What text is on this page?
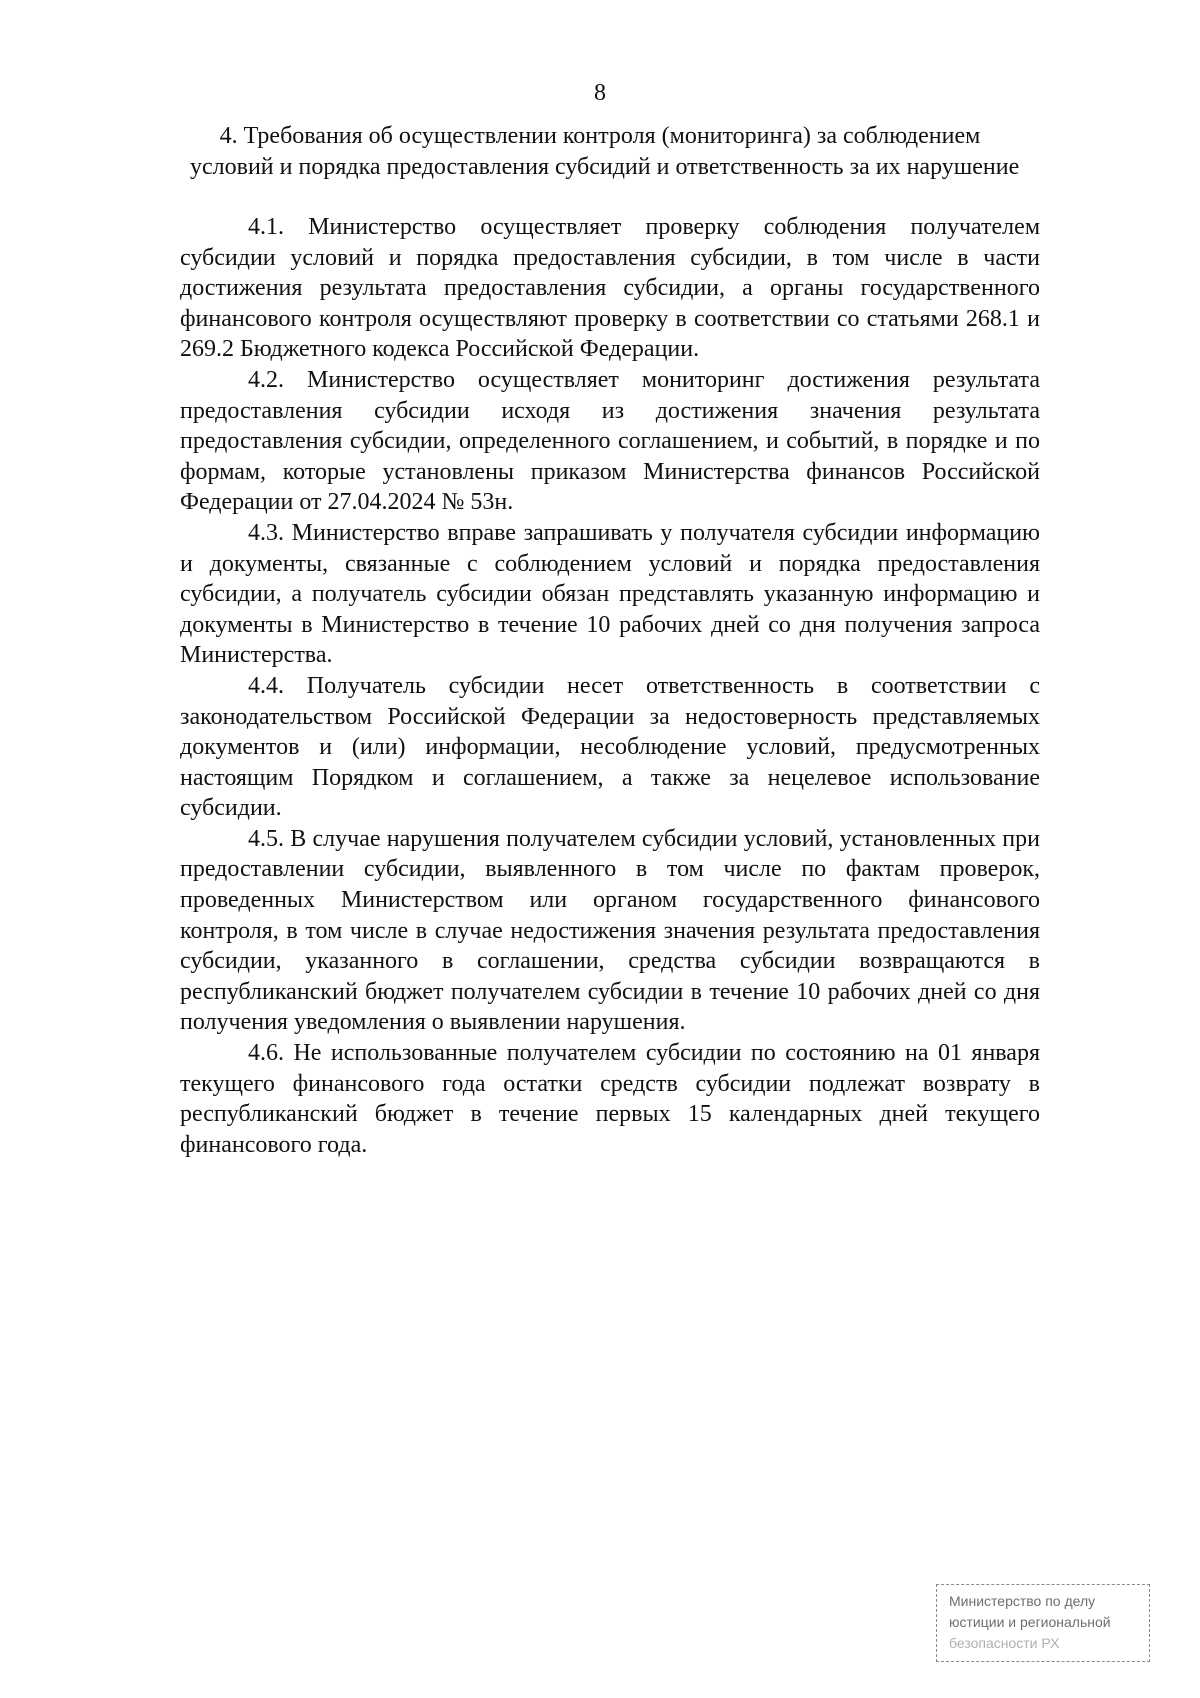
8
4. Требования об осуществлении контроля (мониторинга) за соблюдением
условий и порядка предоставления субсидий и ответственность за их нарушение

4.1. Министерство осуществляет проверку соблюдения получателем субсидии условий и порядка предоставления субсидии, в том числе в части достижения результата предоставления субсидии, а органы государственного финансового контроля осуществляют проверку в соответствии со статьями 268.1 и 269.2 Бюджетного кодекса Российской Федерации.

4.2. Министерство осуществляет мониторинг достижения результата предоставления субсидии исходя из достижения значения результата предоставления субсидии, определенного соглашением, и событий, в порядке и по формам, которые установлены приказом Министерства финансов Российской Федерации от 27.04.2024 № 53н.

4.3. Министерство вправе запрашивать у получателя субсидии информацию и документы, связанные с соблюдением условий и порядка предоставления субсидии, а получатель субсидии обязан представлять указанную информацию и документы в Министерство в течение 10 рабочих дней со дня получения запроса Министерства.

4.4. Получатель субсидии несет ответственность в соответствии с законодательством Российской Федерации за недостоверность представляемых документов и (или) информации, несоблюдение условий, предусмотренных настоящим Порядком и соглашением, а также за нецелевое использование субсидии.

4.5. В случае нарушения получателем субсидии условий, установленных при предоставлении субсидии, выявленного в том числе по фактам проверок, проведенных Министерством или органом государственного финансового контроля, в том числе в случае недостижения значения результата предоставления субсидии, указанного в соглашении, средства субсидии возвращаются в республиканский бюджет получателем субсидии в течение 10 рабочих дней со дня получения уведомления о выявлении нарушения.

4.6. Не использованные получателем субсидии по состоянию на 01 января текущего финансового года остатки средств субсидии подлежат возврату в республиканский бюджет в течение первых 15 календарных дней текущего финансового года.

Министерство по делу
юстиции и региональной
безопасности РХ
